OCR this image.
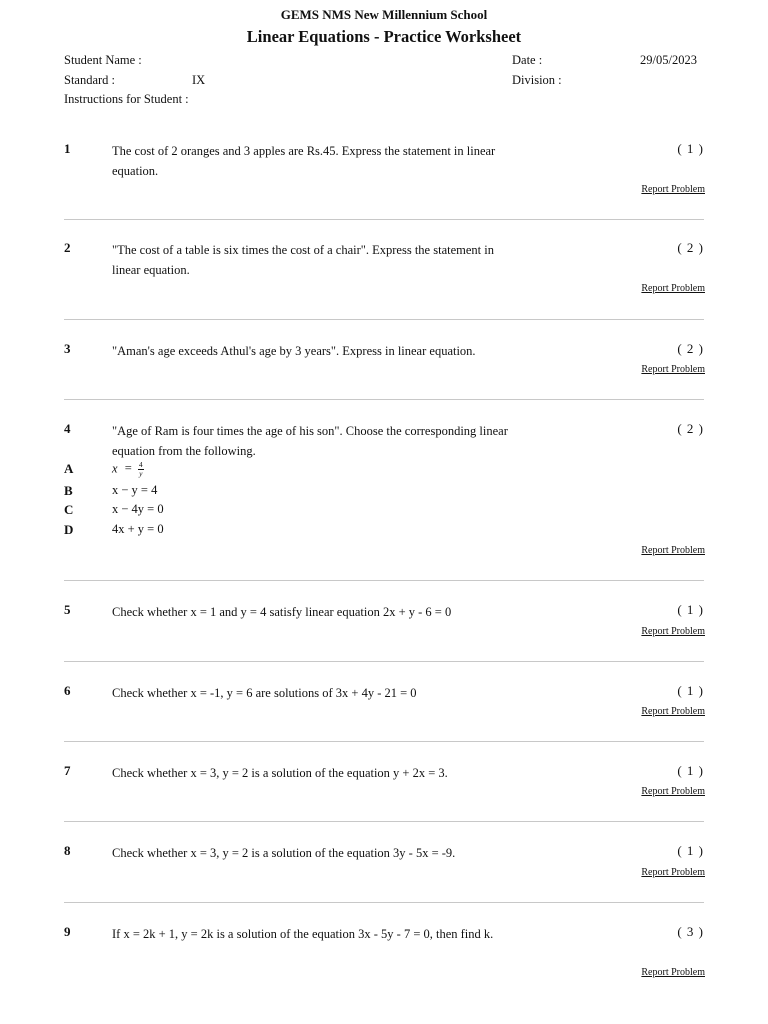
GEMS NMS New Millennium School
Linear Equations - Practice Worksheet
Student Name :	Date :	29/05/2023
Standard :	IX	Division :
Instructions for Student :
1	The cost of 2 oranges and 3 apples are Rs.45. Express the statement in linear equation.
( 1 )
Report Problem
2	"The cost of a table is six times the cost of a chair". Express the statement in linear equation.
( 2 )
Report Problem
3	"Aman's age exceeds Athul's age by 3 years". Express in linear equation.	( 2 )
Report Problem
4	"Age of Ram is four times the age of his son". Choose the corresponding linear equation from the following.
( 2 )
A	$x = \frac{4}{y}$
B	x − y = 4
C	x − 4y = 0
D	4x + y = 0
Report Problem
5	Check whether x = 1 and y = 4 satisfy linear equation 2x + y - 6 = 0	( 1 )
Report Problem
6	Check whether x = -1, y = 6 are solutions of 3x + 4y - 21 = 0	( 1 )
Report Problem
7	Check whether x = 3, y = 2 is a solution of the equation y + 2x = 3.	( 1 )
Report Problem
8	Check whether x = 3, y = 2 is a solution of the equation 3y - 5x = -9.	( 1 )
Report Problem
9	If x = 2k + 1, y = 2k is a solution of the equation 3x - 5y - 7 = 0, then find k.	( 3 )
Report Problem
